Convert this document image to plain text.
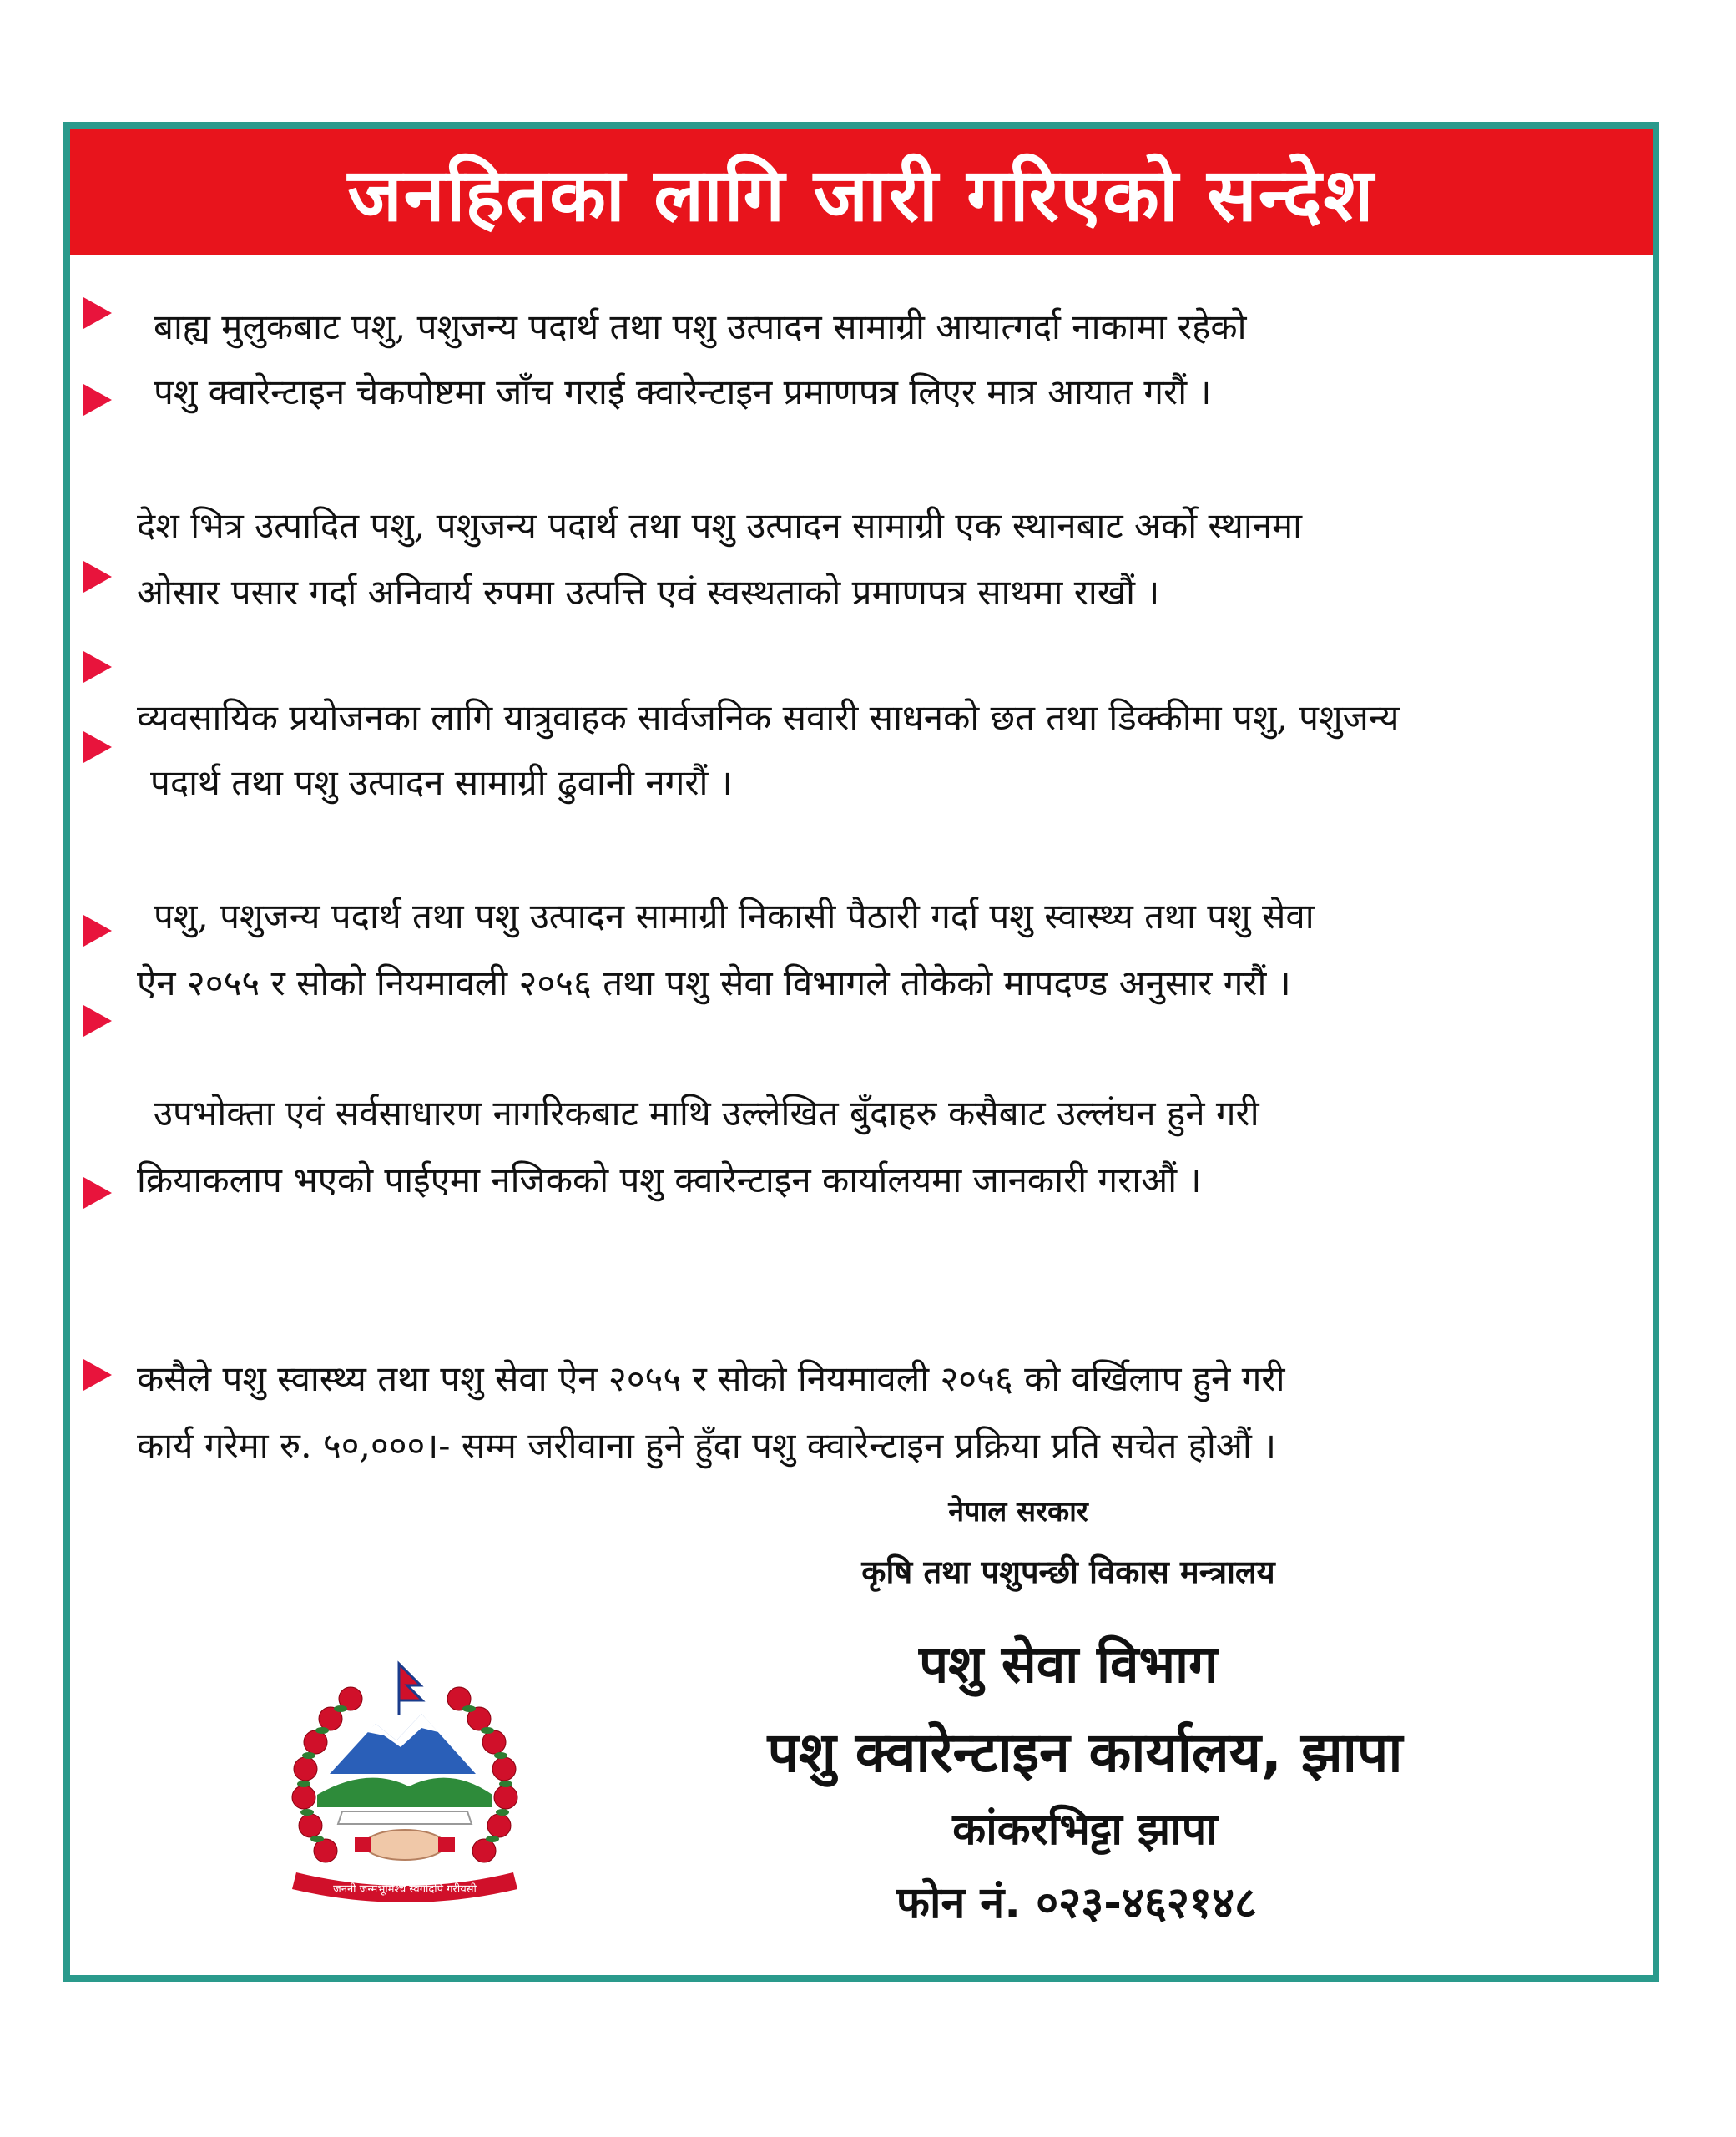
जनहितका लागि जारी गरिएको सन्देश
बाह्य मुलुकबाट पशु, पशुजन्य पदार्थ तथा पशु उत्पादन सामाग्री आयात्गर्दा नाकामा रहेको
पशु क्वारेन्टाइन चेकपोष्टमा जाँच गराई क्वारेन्टाइन प्रमाणपत्र लिएर मात्र आयात गरौं ।
देश भित्र उत्पादित पशु, पशुजन्य पदार्थ तथा पशु उत्पादन सामाग्री एक स्थानबाट अर्को स्थानमा
ओसार पसार गर्दा अनिवार्य रुपमा उत्पत्ति एवं स्वस्थताको प्रमाणपत्र साथमा राखौं ।
व्यवसायिक प्रयोजनका लागि यात्रुवाहक सार्वजनिक सवारी साधनको छत तथा डिक्कीमा पशु, पशुजन्य
पदार्थ तथा पशु उत्पादन सामाग्री ढुवानी नगरौं ।
पशु, पशुजन्य पदार्थ तथा पशु उत्पादन सामाग्री निकासी पैठारी गर्दा पशु स्वास्थ्य तथा पशु सेवा
ऐन २०५५ र सोको नियमावली २०५६ तथा पशु सेवा विभागले तोकेको मापदण्ड अनुसार गरौं ।
उपभोक्ता एवं सर्वसाधारण नागरिकबाट माथि उल्लेखित बुँदाहरु कसैबाट उल्लंघन हुने गरी
क्रियाकलाप भएको पाईएमा नजिकको पशु क्वारेन्टाइन कार्यालयमा जानकारी गराऔं ।
कसैले पशु स्वास्थ्य तथा पशु सेवा ऐन २०५५ र सोको नियमावली २०५६ को वर्खिलाप हुने गरी
कार्य गरेमा रु. ५०,०००।- सम्म जरीवाना हुने हुँदा पशु क्वारेन्टाइन प्रक्रिया प्रति सचेत होऔं ।
नेपाल सरकार
कृषि तथा पशुपन्छी विकास मन्त्रालय
पशु सेवा विभाग
पशु क्वारेन्टाइन कार्यालय, झापा
कांकरभिट्टा झापा
फोन नं. ०२३-४६२१४८
जननी जन्मभूमिश्च स्वर्गादपि गरीयसी
